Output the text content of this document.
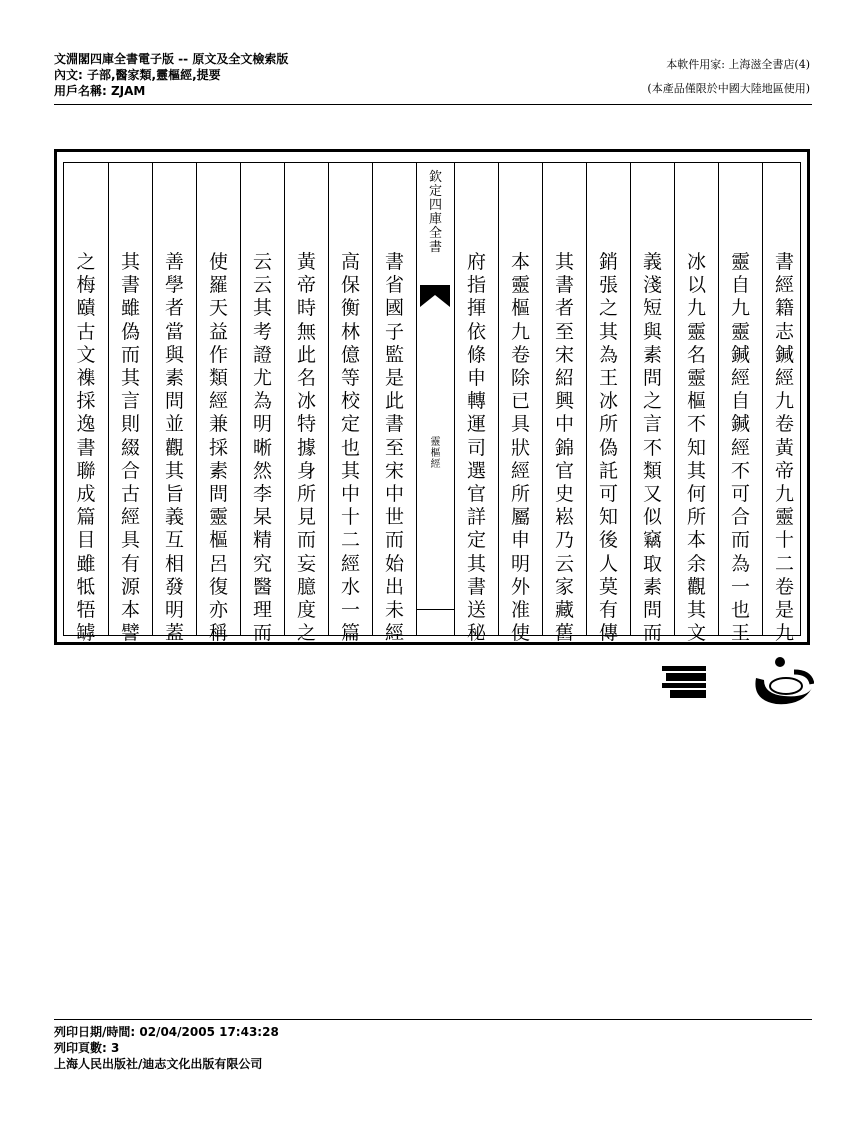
文淵閣四庫全書電子版 -- 原文及全文檢索版
內文: 子部,醫家類,靈樞經,提要
用戶名稱: ZJAM
本軟件用家: 上海滋全書店(4)
(本產品僅限於中國大陸地區使用)
欽
定
四
庫
全
書
靈
樞
經
書
經
籍
志
鍼
經
九
卷
黃
帝
九
靈
十
二
卷
是
九
靈
自
九
靈
鍼
經
自
鍼
經
不
可
合
而
為
一
也
王
冰
以
九
靈
名
靈
樞
不
知
其
何
所
本
余
觀
其
文
義
淺
短
與
素
問
之
言
不
類
又
似
竊
取
素
問
而
銷
張
之
其
為
王
冰
所
偽
託
可
知
後
人
莫
有
傳
其
書
者
至
宋
紹
興
中
錦
官
史
崧
乃
云
家
藏
舊
本
靈
樞
九
卷
除
已
具
狀
經
所
屬
申
明
外
准
使
府
指
揮
依
條
申
轉
運
司
選
官
詳
定
其
書
送
秘
書
省
國
子
監
是
此
書
至
宋
中
世
而
始
出
未
經
高
保
衡
林
億
等
校
定
也
其
中
十
二
經
水
一
篇
黃
帝
時
無
此
名
冰
特
據
身
所
見
而
妄
臆
度
之
云
云
其
考
證
尤
為
明
晰
然
李
杲
精
究
醫
理
而
使
羅
天
益
作
類
經
兼
採
素
問
靈
樞
呂
復
亦
稱
善
學
者
當
與
素
問
並
觀
其
旨
義
互
相
發
明
蓋
其
書
雖
偽
而
其
言
則
綴
合
古
經
具
有
源
本
譬
之
梅
賾
古
文
襍
採
逸
書
聯
成
篇
目
雖
牴
牾
罅
列印日期/時間: 02/04/2005 17:43:28
列印頁數: 3
上海人民出版社/迪志文化出版有限公司
